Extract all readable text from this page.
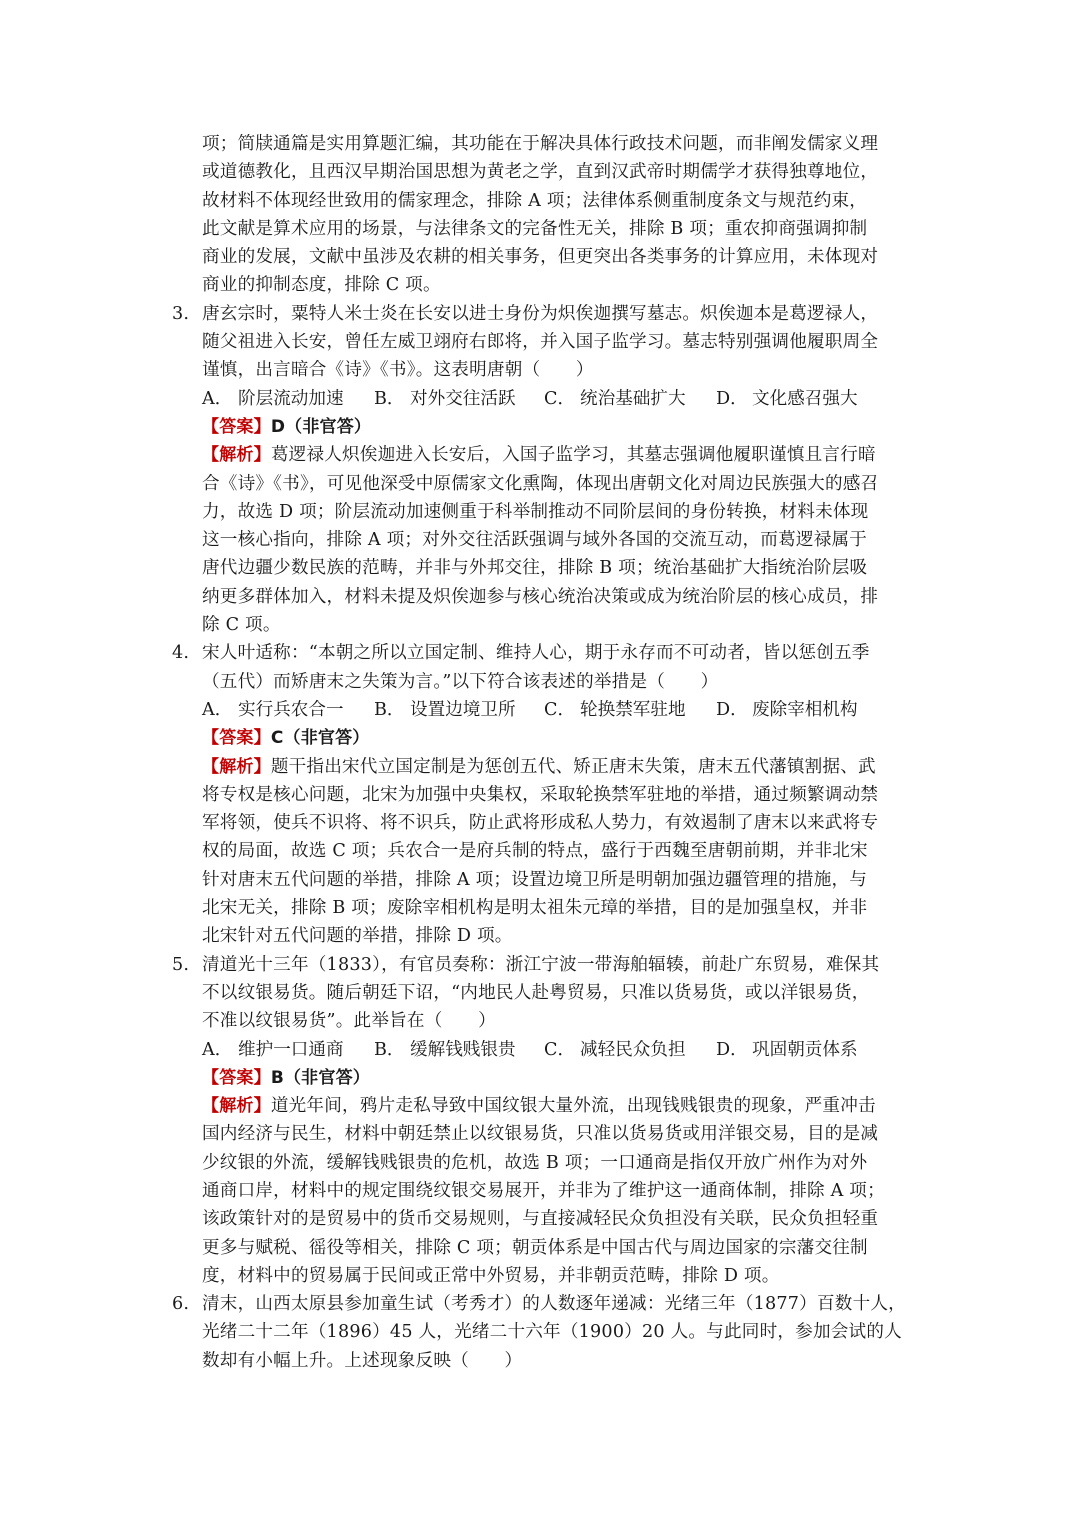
项；简牍通篇是实用算题汇编，其功能在于解决具体行政技术问题，而非阐发儒家义理
或道德教化，且西汉早期治国思想为黄老之学，直到汉武帝时期儒学才获得独尊地位，
故材料不体现经世致用的儒家理念，排除 A 项；法律体系侧重制度条文与规范约束，
此文献是算术应用的场景，与法律条文的完备性无关，排除 B 项；重农抑商强调抑制
商业的发展，文献中虽涉及农耕的相关事务，但更突出各类事务的计算应用，未体现对
商业的抑制态度，排除 C 项。
3. 唐玄宗时，粟特人米士炎在长安以进士身份为炽俟迦撰写墓志。炽俟迦本是葛逻禄人，
随父祖进入长安，曾任左威卫翊府右郎将，并入国子监学习。墓志特别强调他履职周全
谨慎，出言暗合《诗》《书》。这表明唐朝（　　）
A． 阶层流动加速	B． 对外交往活跃	C． 统治基础扩大	D． 文化感召强大
【答案】D（非官答）
【解析】葛逻禄人炽俟迦进入长安后，入国子监学习，其墓志强调他履职谨慎且言行暗
合《诗》《书》，可见他深受中原儒家文化熏陶，体现出唐朝文化对周边民族强大的感召
力，故选 D 项；阶层流动加速侧重于科举制推动不同阶层间的身份转换，材料未体现
这一核心指向，排除 A 项；对外交往活跃强调与域外各国的交流互动，而葛逻禄属于
唐代边疆少数民族的范畴，并非与外邦交往，排除 B 项；统治基础扩大指统治阶层吸
纳更多群体加入，材料未提及炽俟迦参与核心统治决策或成为统治阶层的核心成员，排
除 C 项。
4. 宋人叶适称：“本朝之所以立国定制、维持人心，期于永存而不可动者，皆以惩创五季
（五代）而矫唐末之失策为言。”以下符合该表述的举措是（　　）
A． 实行兵农合一	B． 设置边境卫所	C． 轮换禁军驻地	D． 废除宰相机构
【答案】C（非官答）
【解析】题干指出宋代立国定制是为惩创五代、矫正唐末失策，唐末五代藩镇割据、武
将专权是核心问题，北宋为加强中央集权，采取轮换禁军驻地的举措，通过频繁调动禁
军将领，使兵不识将、将不识兵，防止武将形成私人势力，有效遏制了唐末以来武将专
权的局面，故选 C 项；兵农合一是府兵制的特点，盛行于西魏至唐朝前期，并非北宋
针对唐末五代问题的举措，排除 A 项；设置边境卫所是明朝加强边疆管理的措施，与
北宋无关，排除 B 项；废除宰相机构是明太祖朱元璋的举措，目的是加强皇权，并非
北宋针对五代问题的举措，排除 D 项。
5. 清道光十三年（1833），有官员奏称：浙江宁波一带海舶辐辏，前赴广东贸易，难保其
不以纹银易货。随后朝廷下诏，“内地民人赴粤贸易，只准以货易货，或以洋银易货，
不准以纹银易货”。此举旨在（　　）
A． 维护一口通商	B． 缓解钱贱银贵	C． 减轻民众负担	D． 巩固朝贡体系
【答案】B（非官答）
【解析】道光年间，鸦片走私导致中国纹银大量外流，出现钱贱银贵的现象，严重冲击
国内经济与民生，材料中朝廷禁止以纹银易货，只准以货易货或用洋银交易，目的是减
少纹银的外流，缓解钱贱银贵的危机，故选 B 项；一口通商是指仅开放广州作为对外
通商口岸，材料中的规定围绕纹银交易展开，并非为了维护这一通商体制，排除 A 项；
该政策针对的是贸易中的货币交易规则，与直接减轻民众负担没有关联，民众负担轻重
更多与赋税、徭役等相关，排除 C 项；朝贡体系是中国古代与周边国家的宗藩交往制
度，材料中的贸易属于民间或正常中外贸易，并非朝贡范畴，排除 D 项。
6. 清末，山西太原县参加童生试（考秀才）的人数逐年递减：光绪三年（1877）百数十人，
光绪二十二年（1896）45 人，光绪二十六年（1900）20 人。与此同时，参加会试的人
数却有小幅上升。上述现象反映（　　）
